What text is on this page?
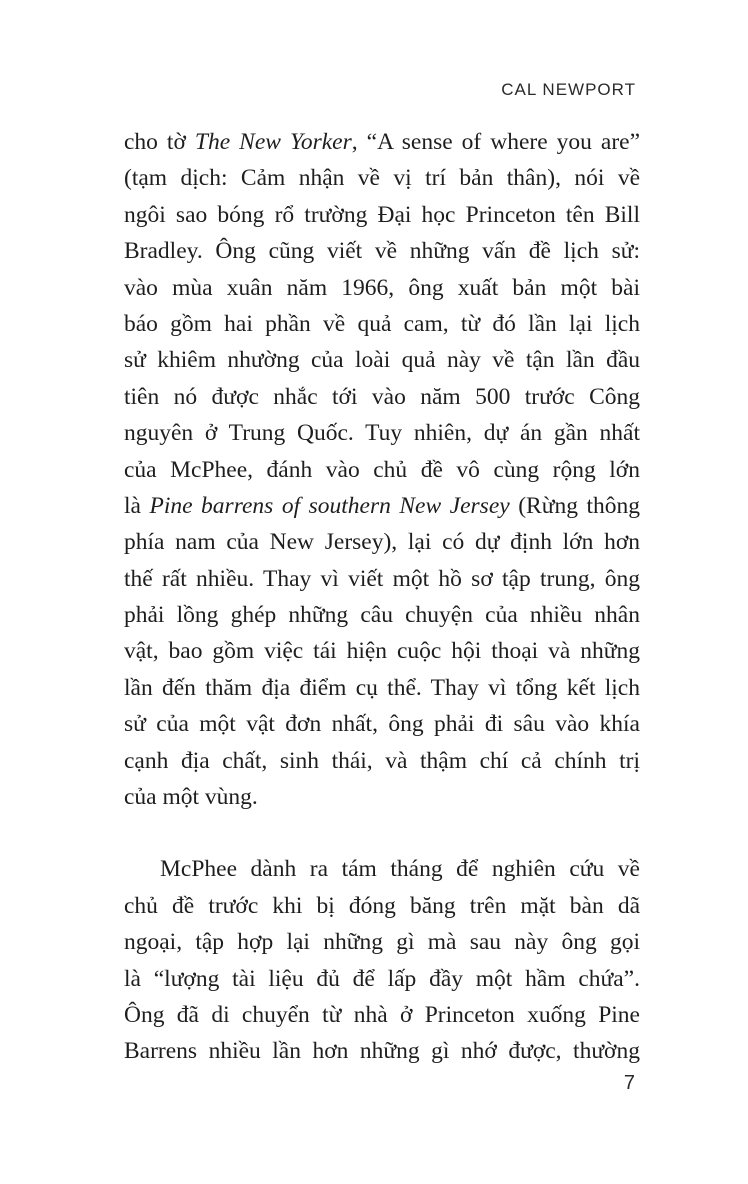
CAL NEWPORT
cho tờ The New Yorker, “A sense of where you are”
(tạm dịch: Cảm nhận về vị trí bản thân), nói về
ngôi sao bóng rổ trường Đại học Princeton tên Bill
Bradley. Ông cũng viết về những vấn đề lịch sử:
vào mùa xuân năm 1966, ông xuất bản một bài
báo gồm hai phần về quả cam, từ đó lần lại lịch
sử khiêm nhường của loài quả này về tận lần đầu
tiên nó được nhắc tới vào năm 500 trước Công
nguyên ở Trung Quốc. Tuy nhiên, dự án gần nhất
của McPhee, đánh vào chủ đề vô cùng rộng lớn
là Pine barrens of southern New Jersey (Rừng thông
phía nam của New Jersey), lại có dự định lớn hơn
thế rất nhiều. Thay vì viết một hồ sơ tập trung, ông
phải lồng ghép những câu chuyện của nhiều nhân
vật, bao gồm việc tái hiện cuộc hội thoại và những
lần đến thăm địa điểm cụ thể. Thay vì tổng kết lịch
sử của một vật đơn nhất, ông phải đi sâu vào khía
cạnh địa chất, sinh thái, và thậm chí cả chính trị
của một vùng.
McPhee dành ra tám tháng để nghiên cứu về
chủ đề trước khi bị đóng băng trên mặt bàn dã
ngoại, tập hợp lại những gì mà sau này ông gọi
là “lượng tài liệu đủ để lấp đầy một hầm chứa”.
Ông đã di chuyển từ nhà ở Princeton xuống Pine
Barrens nhiều lần hơn những gì nhớ được, thường
7
